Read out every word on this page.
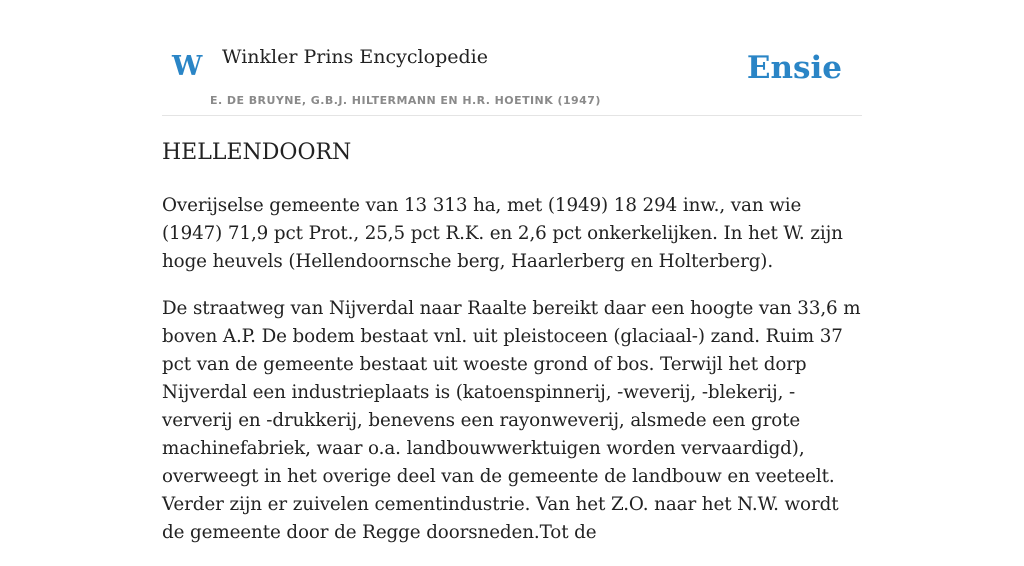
W Winkler Prins Encyclopedie
E. DE BRUYNE, G.B.J. HILTERMANN EN H.R. HOETINK (1947)
Ensie
HELLENDOORN

Overijselse gemeente van 13 313 ha, met (1949) 18 294 inw., van wie (1947) 71,9 pct Prot., 25,5 pct R.K. en 2,6 pct onkerkelijken. In het W. zijn hoge heuvels (Hellendoornsche berg, Haarlerberg en Holterberg).

De straatweg van Nijverdal naar Raalte bereikt daar een hoogte van 33,6 m boven A.P. De bodem bestaat vnl. uit pleistoceen (glaciaal-) zand. Ruim 37 pct van de gemeente bestaat uit woeste grond of bos. Terwijl het dorp Nijverdal een industrieplaats is (katoenspinnerij, -weverij, -blekerij, -ververij en -drukkerij, benevens een rayonweverij, alsmede een grote machinefabriek, waar o.a. landbouwwerktuigen worden vervaardigd), overweegt in het overige deel van de gemeente de landbouw en veeteelt. Verder zijn er zuivelen cementindustrie. Van het Z.O. naar het N.W. wordt de gemeente door de Regge doorsneden.Tot de
